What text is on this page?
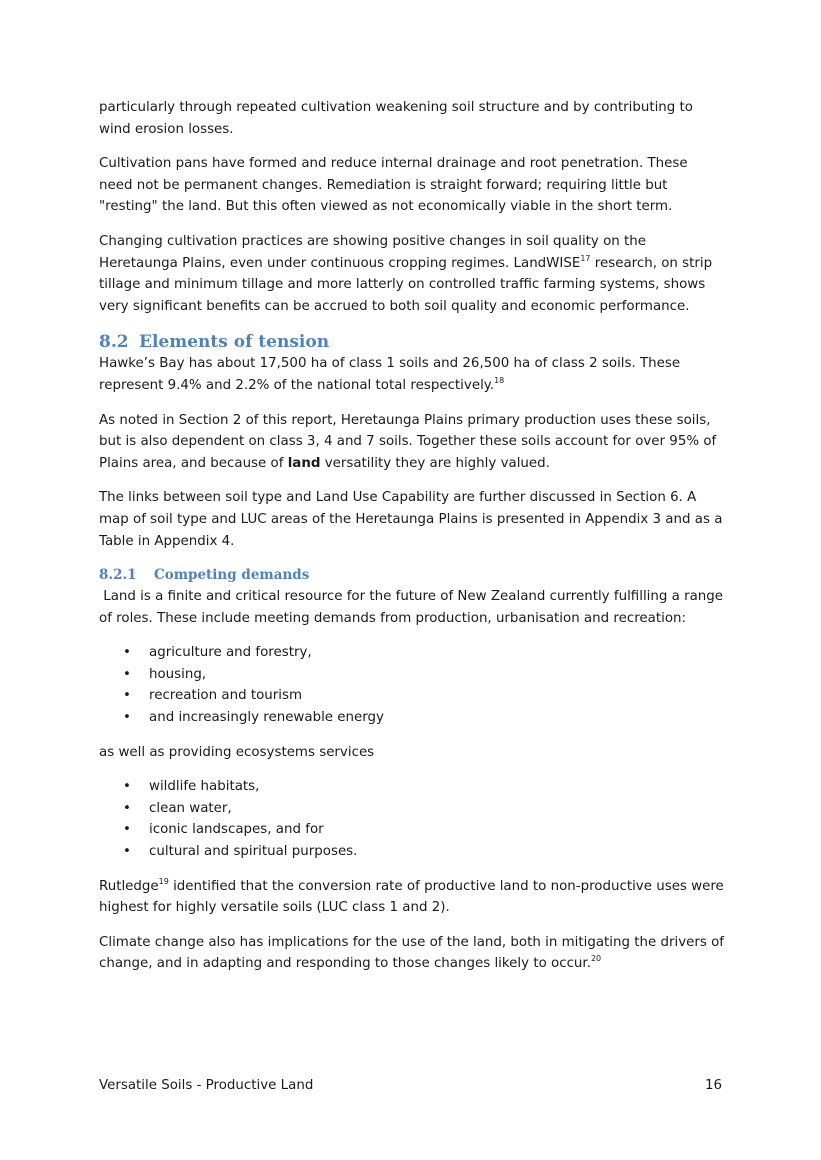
particularly through repeated cultivation weakening soil structure and by contributing to wind erosion losses.

Cultivation pans have formed and reduce internal drainage and root penetration. These need not be permanent changes. Remediation is straight forward; requiring little but "resting" the land. But this often viewed as not economically viable in the short term.

Changing cultivation practices are showing positive changes in soil quality on the Heretaunga Plains, even under continuous cropping regimes. LandWISE$^{17}$ research, on strip tillage and minimum tillage and more latterly on controlled traffic farming systems, shows very significant benefits can be accrued to both soil quality and economic performance.

8.2 Elements of tension

Hawke’s Bay has about 17,500 ha of class 1 soils and 26,500 ha of class 2 soils. These represent 9.4% and 2.2% of the national total respectively.$^{18}$

As noted in Section 2 of this report, Heretaunga Plains primary production uses these soils, but is also dependent on class 3, 4 and 7 soils. Together these soils account for over 95% of Plains area, and because of land versatility they are highly valued.

The links between soil type and Land Use Capability are further discussed in Section 6. A map of soil type and LUC areas of the Heretaunga Plains is presented in Appendix 3 and as a Table in Appendix 4.

8.2.1 Competing demands

Land is a finite and critical resource for the future of New Zealand currently fulfilling a range of roles. These include meeting demands from production, urbanisation and recreation:

• agriculture and forestry,
• housing,
• recreation and tourism
• and increasingly renewable energy

as well as providing ecosystems services

• wildlife habitats,
• clean water,
• iconic landscapes, and for
• cultural and spiritual purposes.

Rutledge$^{19}$ identified that the conversion rate of productive land to non-productive uses were highest for highly versatile soils (LUC class 1 and 2).

Climate change also has implications for the use of the land, both in mitigating the drivers of change, and in adapting and responding to those changes likely to occur.$^{20}$

Versatile Soils - Productive Land	16
